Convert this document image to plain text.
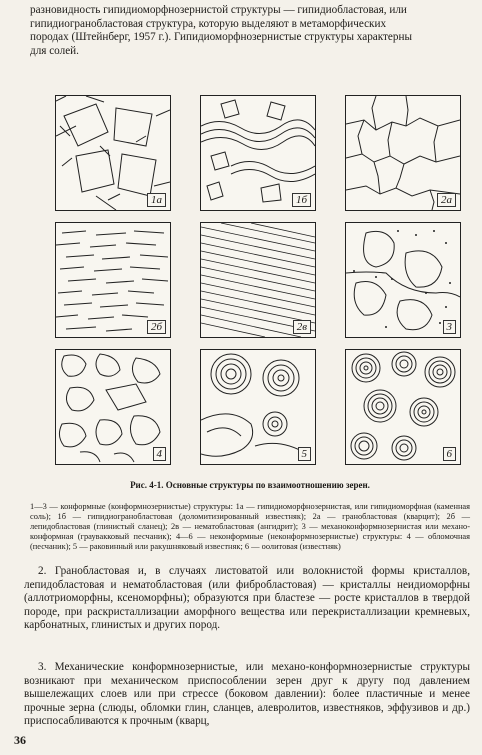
разновидность гипидиоморфнозернистой структуры — гипидиобластовая, или
гипидиогранобластовая структура, которую выделяют в метаморфических
породах (Штейнберг, 1957 г.). Гипидиоморфнозернистые структуры характерны
для солей.

1а	1б	2а
2б	2в	3
4	5	6

Рис. 4-1. Основные структуры по взаимоотношению зерен.

1—3 — конформные (конформнозернистые) структуры: 1а — гипидиоморфнозернистая, или гипидиоморфная (каменная соль); 1б — гипидиогранобластовая (доломитизированный известняк); 2а — гранобластовая (кварцит); 2б — лепидобластовая (глинистый сланец); 2в — нематобластовая (ангидрит); 3 — механоконформнозернистая или механо-конформная (граувакковый песчаник); 4—6 — неконформные (неконформнозернистые) структуры: 4 — обломочная (песчаник); 5 — раковинный или ракушняковый известняк; 6 — оолитовая (известняк)

2. Гранобластовая и, в случаях листоватой или волокнистой формы кристаллов, лепидобластовая и нематобластовая (или фибробластовая) — кристаллы неидиоморфны (аллотриоморфны, ксеноморфны); образуются при бластезе — росте кристаллов в твердой породе, при раскристаллизации аморфного вещества или перекристаллизации кремневых, карбонатных, глинистых и других пород.

3. Механические конформнозернистые, или механо-конформнозернистые структуры возникают при механическом приспособлении зерен друг к другу под давлением вышележащих слоев или при стрессе (боковом давлении): более пластичные и менее прочные зерна (слюды, обломки глин, сланцев, алевролитов, известняков, эффузивов и др.) приспосабливаются к прочным (кварц,

36
